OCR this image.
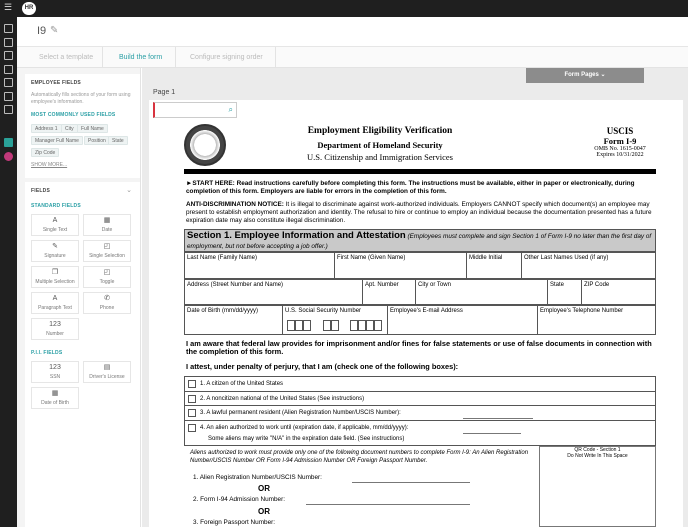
☰	HR
I9 ✎
Select a template	Build the form	Configure signing order
EMPLOYEE FIELDS
Automatically fills sections of your form using employee's information.
MOST COMMONLY USED FIELDS
Address 1	City	Full Name
Manager Full Name	Position	State
Zip Code
SHOW MORE...
FIELDS	⌄
STANDARD FIELDS
A
Single Text
▦
Date
✎
Signature
◰
Single Selection
❐
Multiple Selection
◰
Toggle
A
Paragraph Text
✆
Phone
123
Number
P.I.I. FIELDS
123
SSN
▤
Driver's License
▦
Date of Birth
Form Pages ⌄
Page 1
⌕
Employment Eligibility Verification
Department of Homeland Security
U.S. Citizenship and Immigration Services
USCIS
Form I-9
OMB No. 1615-0047
Expires 10/31/2022
►START HERE: Read instructions carefully before completing this form. The instructions must be available, either in paper or electronically, during completion of this form. Employers are liable for errors in the completion of this form.
ANTI-DISCRIMINATION NOTICE: It is illegal to discriminate against work-authorized individuals. Employers CANNOT specify which document(s) an employee may present to establish employment authorization and identity. The refusal to hire or continue to employ an individual because the documentation presented has a future expiration date may also constitute illegal discrimination.
Section 1. Employee Information and Attestation (Employees must complete and sign Section 1 of Form I-9 no later than the first day of employment, but not before accepting a job offer.)
Last Name (Family Name)	First Name (Given Name)	Middle Initial	Other Last Names Used (if any)
Address (Street Number and Name)	Apt. Number	City or Town	State	ZIP Code
Date of Birth (mm/dd/yyyy)	U.S. Social Security Number	Employee's E-mail Address	Employee's Telephone Number
I am aware that federal law provides for imprisonment and/or fines for false statements or use of false documents in connection with the completion of this form.
I attest, under penalty of perjury, that I am (check one of the following boxes):
1. A citizen of the United States
2. A noncitizen national of the United States (See instructions)
3. A lawful permanent resident (Alien Registration Number/USCIS Number):
4. An alien authorized to work until (expiration date, if applicable, mm/dd/yyyy):
Some aliens may write "N/A" in the expiration date field. (See instructions)
Aliens authorized to work must provide only one of the following document numbers to complete Form I-9: An Alien Registration Number/USCIS Number OR Form I-94 Admission Number OR Foreign Passport Number.
1. Alien Registration Number/USCIS Number:
OR
2. Form I-94 Admission Number:
OR
3. Foreign Passport Number:
QR Code - Section 1
Do Not Write In This Space
